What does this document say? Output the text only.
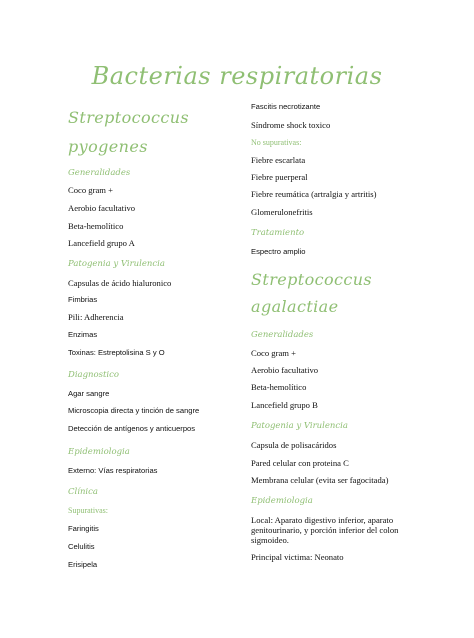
Bacterias respiratorias
Streptococcus
pyogenes
Generalidades
Coco gram +
Aerobio facultativo
Beta-hemolítico
Lancefield grupo A
Patogenia y Virulencia
Capsulas de ácido hialuronico
Fimbrias
Pili: Adherencia
Enzimas
Toxinas: Estreptolisina S y O
Diagnostico
Agar sangre
Microscopia directa y tinción de sangre
Detección de antígenos y anticuerpos
Epidemiologia
Externo: Vías respiratorias
Clínica
Supurativas:
Faringitis
Celulitis
Erisipela
Fascitis necrotizante
Síndrome shock toxico
No supurativas:
Fiebre escarlata
Fiebre puerperal
Fiebre reumática (artralgia y artritis)
Glomerulonefritis
Tratamiento
Espectro amplio
Streptococcus
agalactiae
Generalidades
Coco gram +
Aerobio facultativo
Beta-hemolítico
Lancefield grupo B
Patogenia y Virulencia
Capsula de polisacáridos
Pared celular con proteina C
Membrana celular (evita ser fagocitada)
Epidemiologia
Local: Aparato digestivo inferior, aparato genitourinario, y porción inferior del colon sigmoideo.
Principal victima: Neonato
